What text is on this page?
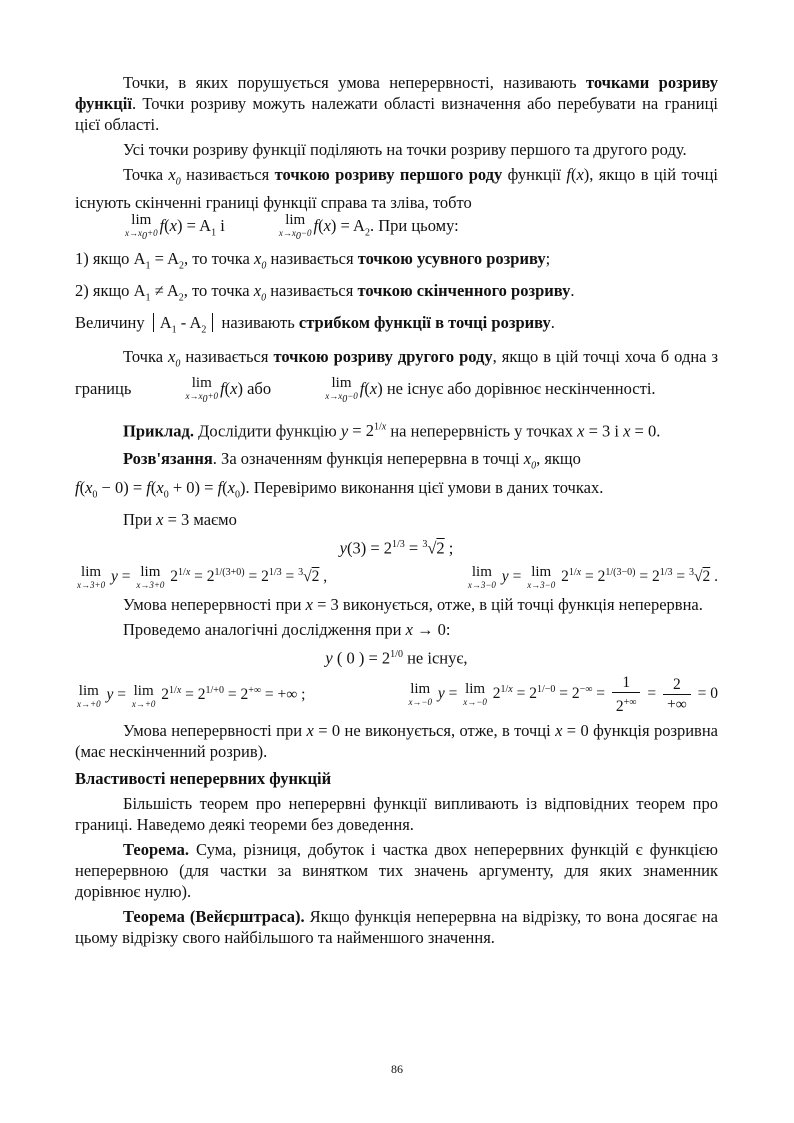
Точки, в яких порушується умова неперервності, називають точками розриву функції. Точки розриву можуть належати області визначення або перебувати на границі цієї області.

Усі точки розриву функції поділяють на точки розриву першого та другого роду.

Точка $x_0$ називається точкою розриву першого роду функції f(x), якщо в цій точці існують скінченні границі функції справа та зліва, тобто

lim
$x\to x_0+0$ $f(x) = A_1$ і	lim
$x\to x_0-0$ $f(x) = A_2$. При цьому:

1) якщо $A_1 = A_2$, то точка $x_0$ називається точкою усувного розриву;

2) якщо $A_1 \ne A_2$, то точка $x_0$ називається точкою скінченного розриву.

Величину $A_1 - A_2$ називають стрибком функції в точці розриву.

Точка $x_0$ називається точкою розриву другого роду, якщо в цій точці хоча б одна з границь	lim
$x\to x_0+0$ f(x) або	lim
$x\to x_0-0$ f(x) не існує або дорівнює нескінченності.

Приклад. Дослідити функцію $y = 2^{1/x}$ на неперервність у точках x = 3 і x = 0.

Розв'язання. За означенням функція неперервна в точці $x_0$, якщо
$f(x_0 - 0) = f(x_0 + 0) = f(x_0)$. Перевіримо виконання цієї умови в даних точках.

При x = 3 маємо

$y(3) = 2^{1/3} = ^3√2$ ;
lim
x→3+0 y = lim
x→3+0 $2^{1/x} = 2^{1/(3+0)} = 2^{1/3} = ^3√2$ ,	lim
x→3−0 y = lim
x→3−0 $2^{1/x} = 2^{1/(3-0)} = 2^{1/3} = ^3√2$ .

Умова неперервності при x = 3 виконується, отже, в цій точці функція неперервна.

Проведемо аналогічні дослідження при x → 0:

y ( 0 ) = $2^{1/0}$ не існує,
lim
x→+0 y = lim
x→+0 $2^{1/x} = 2^{1/+0} = 2^{+\infty}$ = +∞ ;	lim
x→−0 y = lim
x→−0 $2^{1/x} = 2^{1/-0} = 2^{-\infty} = \frac{1}{2^{+\infty}} = \frac{2}{+\infty} = 0$

Умова неперервності при x = 0 не виконується, отже, в точці x = 0 функція розривна (має нескінченний розрив).

Властивості неперервних функцій

Більшість теорем про неперервні функції випливають із відповідних теорем про границі. Наведемо деякі теореми без доведення.

Теорема. Сума, різниця, добуток і частка двох неперервних функцій є функцією неперервною (для частки за винятком тих значень аргументу, для яких знаменник дорівнює нулю).

Теорема (Вейєрштраса). Якщо функція неперервна на відрізку, то вона досягає на цьому відрізку свого найбільшого та найменшого значення.

86
